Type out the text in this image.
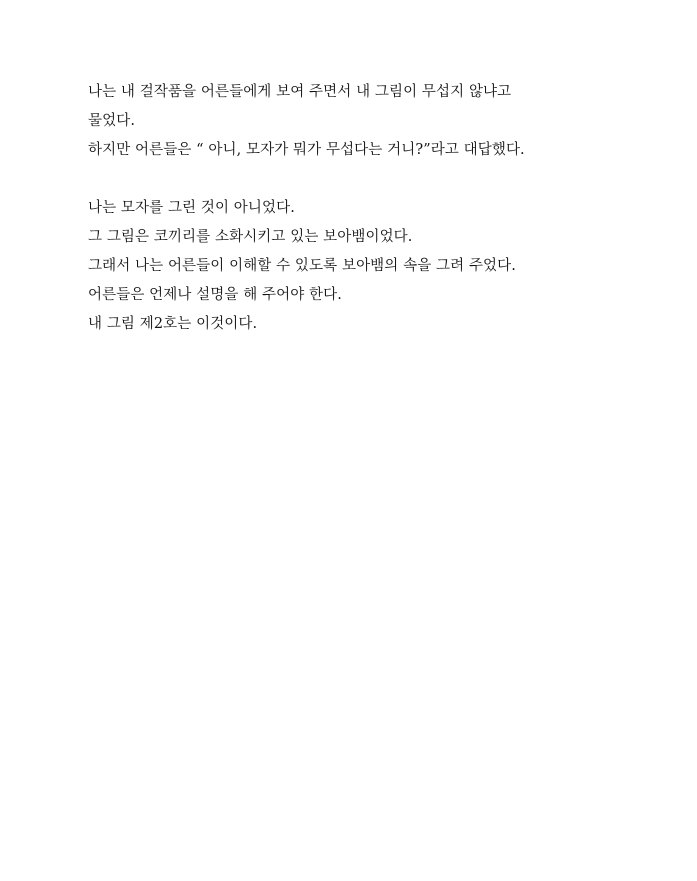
나는 내 걸작품을 어른들에게 보여 주면서 내 그림이 무섭지 않냐고
물었다.
하지만 어른들은 “ 아니, 모자가 뭐가 무섭다는 거니?”라고 대답했다.

나는 모자를 그린 것이 아니었다.
그 그림은 코끼리를 소화시키고 있는 보아뱀이었다.
그래서 나는 어른들이 이해할 수 있도록 보아뱀의 속을 그려 주었다.
어른들은 언제나 설명을 해 주어야 한다.
내 그림 제2호는 이것이다.
